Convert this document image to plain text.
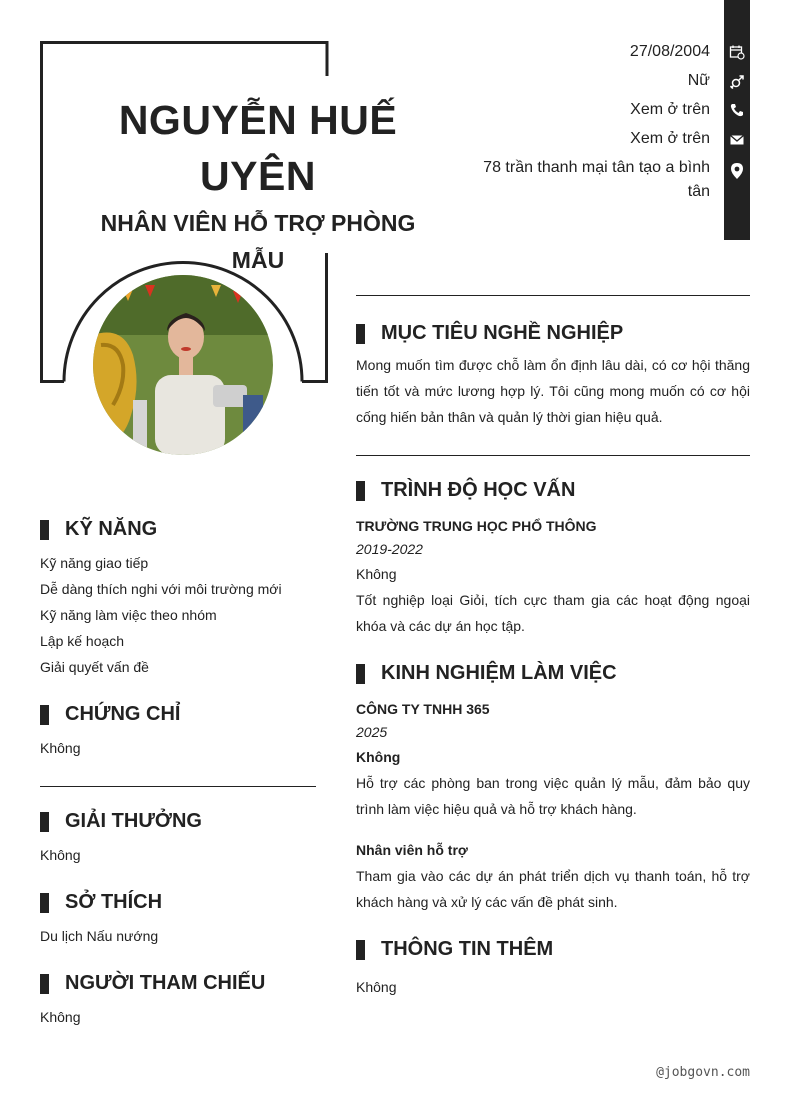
NGUYỄN HUẾ UYÊN
NHÂN VIÊN HỖ TRỢ PHÒNG MẪU
27/08/2004
Nữ
Xem ở trên
Xem ở trên
78 trần thanh mại tân tạo a bình tân
KỸ NĂNG
Kỹ năng giao tiếp
Dễ dàng thích nghi với môi trường mới
Kỹ năng làm việc theo nhóm
Lập kế hoạch
Giải quyết vấn đề
CHỨNG CHỈ
Không
GIẢI THƯỞNG
Không
SỞ THÍCH
Du lịch Nấu nướng
NGƯỜI THAM CHIẾU
Không
MỤC TIÊU NGHỀ NGHIỆP
Mong muốn tìm được chỗ làm ổn định lâu dài, có cơ hội thăng tiến tốt và mức lương hợp lý. Tôi cũng mong muốn có cơ hội cống hiến bản thân và quản lý thời gian hiệu quả.
TRÌNH ĐỘ HỌC VẤN
TRƯỜNG TRUNG HỌC PHỔ THÔNG
2019-2022
Không
Tốt nghiệp loại Giỏi, tích cực tham gia các hoạt động ngoại khóa và các dự án học tập.
KINH NGHIỆM LÀM VIỆC
CÔNG TY TNHH 365
2025
Không
Hỗ trợ các phòng ban trong việc quản lý mẫu, đảm bảo quy trình làm việc hiệu quả và hỗ trợ khách hàng.
Nhân viên hỗ trợ
Tham gia vào các dự án phát triển dịch vụ thanh toán, hỗ trợ khách hàng và xử lý các vấn đề phát sinh.
THÔNG TIN THÊM
Không
@jobgovn.com
